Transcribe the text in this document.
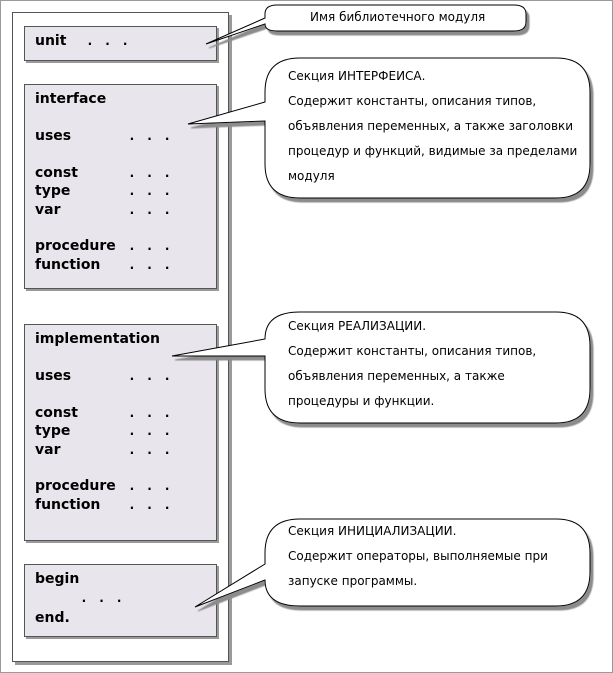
unit . . .
interface
uses	. . .
const	. . .
type	. . .
var	. . .
procedure . . .
function . . .
implementation
uses	. . .
const	. . .
type	. . .
var	. . .
procedure . . .
function . . .
begin
. . .
end.
Имя библиотечного модуля
Секция ИНТЕРФЕИСА.
Содержит константы, описания типов,
объявления переменных, а также заголовки
процедур и функций, видимые за пределами
модуля
Секция РЕАЛИЗАЦИИ.
Содержит константы, описания типов,
объявления переменных, а также
процедуры и функции.
Секция ИНИЦИАЛИЗАЦИИ.
Содержит операторы, выполняемые при
запуске программы.
